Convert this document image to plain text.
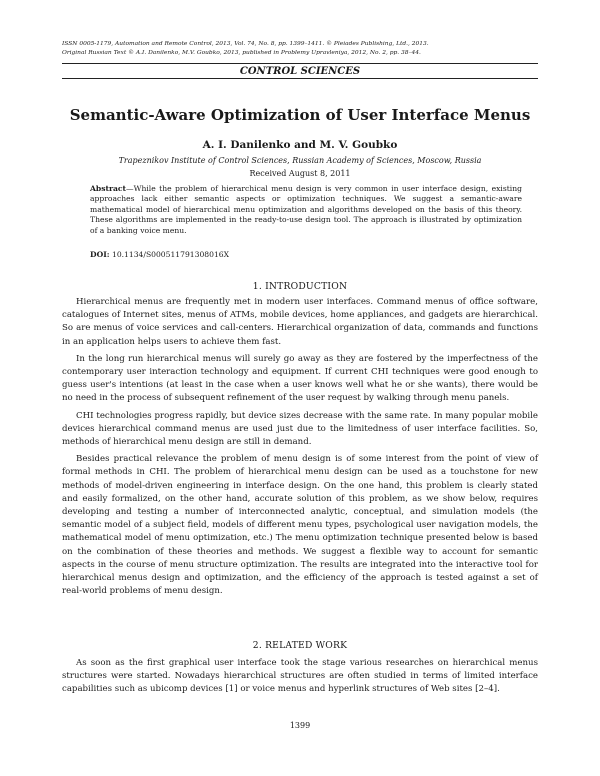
ISSN 0005-1179, Automation and Remote Control, 2013, Vol. 74, No. 8, pp. 1399–1411. © Pleiades Publishing, Ltd., 2013.
Original Russian Text © A.I. Danilenko, M.V. Goubko, 2013, published in Problemy Upravleniya, 2012, No. 2, pp. 38–44.
CONTROL SCIENCES
Semantic-Aware Optimization of User Interface Menus
A. I. Danilenko and M. V. Goubko
Trapeznikov Institute of Control Sciences, Russian Academy of Sciences, Moscow, Russia
Received August 8, 2011
Abstract—While the problem of hierarchical menu design is very common in user interface design, existing approaches lack either semantic aspects or optimization techniques. We suggest a semantic-aware mathematical model of hierarchical menu optimization and algorithms developed on the basis of this theory. These algorithms are implemented in the ready-to-use design tool. The approach is illustrated by optimization of a banking voice menu.
DOI: 10.1134/S000511791308016X
1. INTRODUCTION

Hierarchical menus are frequently met in modern user interfaces. Command menus of office software, catalogues of Internet sites, menus of ATMs, mobile devices, home appliances, and gadgets are hierarchical. So are menus of voice services and call-centers. Hierarchical organization of data, commands and functions in an application helps users to achieve them fast.

In the long run hierarchical menus will surely go away as they are fostered by the imperfectness of the contemporary user interaction technology and equipment. If current CHI techniques were good enough to guess user's intentions (at least in the case when a user knows well what he or she wants), there would be no need in the process of subsequent refinement of the user request by walking through menu panels.

CHI technologies progress rapidly, but device sizes decrease with the same rate. In many popular mobile devices hierarchical command menus are used just due to the limitedness of user interface facilities. So, methods of hierarchical menu design are still in demand.

Besides practical relevance the problem of menu design is of some interest from the point of view of formal methods in CHI. The problem of hierarchical menu design can be used as a touchstone for new methods of model-driven engineering in interface design. On the one hand, this problem is clearly stated and easily formalized, on the other hand, accurate solution of this problem, as we show below, requires developing and testing a number of interconnected analytic, conceptual, and simulation models (the semantic model of a subject field, models of different menu types, psychological user navigation models, the mathematical model of menu optimization, etc.) The menu optimization technique presented below is based on the combination of these theories and methods. We suggest a flexible way to account for semantic aspects in the course of menu structure optimization. The results are integrated into the interactive tool for hierarchical menus design and optimization, and the efficiency of the approach is tested against a set of real-world problems of menu design.

2. RELATED WORK

As soon as the first graphical user interface took the stage various researches on hierarchical menus structures were started. Nowadays hierarchical structures are often studied in terms of limited interface capabilities such as ubicomp devices [1] or voice menus and hyperlink structures of Web sites [2–4].

1399
